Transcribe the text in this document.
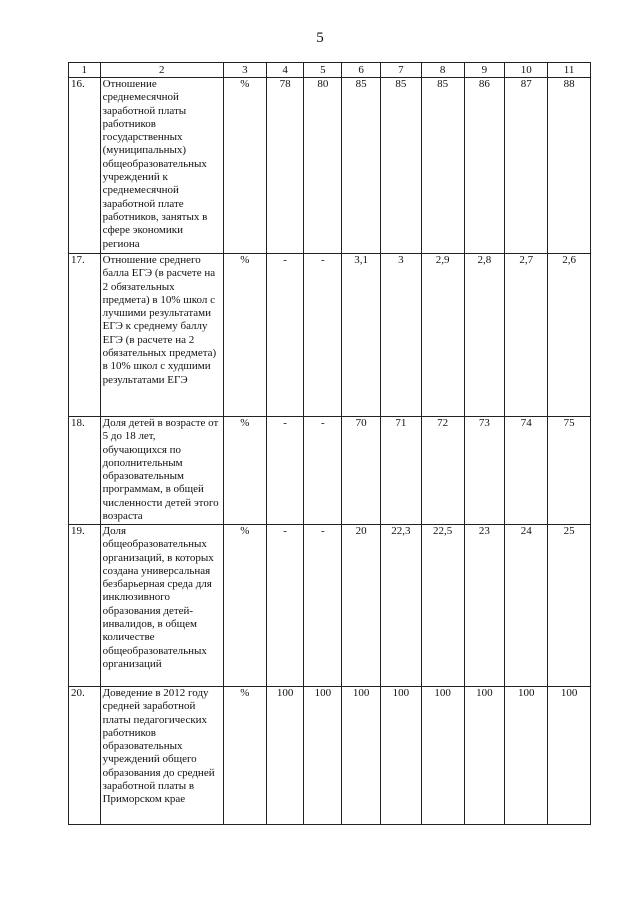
5
1	2	3	4	5	6	7	8	9	10	11
16.	Отношение среднемесячной заработной платы работников государственных (муниципальных) общеобразовательных учреждений к среднемесячной заработной плате работников, занятых в сфере экономики региона	%	78	80	85	85	85	86	87	88
17.	Отношение среднего балла ЕГЭ (в расчете на 2 обязательных предмета) в 10% школ с лучшими результатами ЕГЭ к среднему баллу ЕГЭ (в расчете на 2 обязательных предмета) в 10% школ с худшими результатами ЕГЭ	%	-	-	3,1	3	2,9	2,8	2,7	2,6
18.	Доля детей в возрасте от 5 до 18 лет, обучающихся по дополнительным образовательным программам, в общей численности детей этого возраста	%	-	-	70	71	72	73	74	75
19.	Доля общеобразовательных организаций, в которых создана универсальная безбарьерная среда для инклюзивного образования детей-инвалидов, в общем количестве общеобразовательных организаций	%	-	-	20	22,3	22,5	23	24	25
20.	Доведение в 2012 году средней заработной платы педагогических работников образовательных учреждений общего образования до средней заработной платы в Приморском крае	%	100	100	100	100	100	100	100	100
